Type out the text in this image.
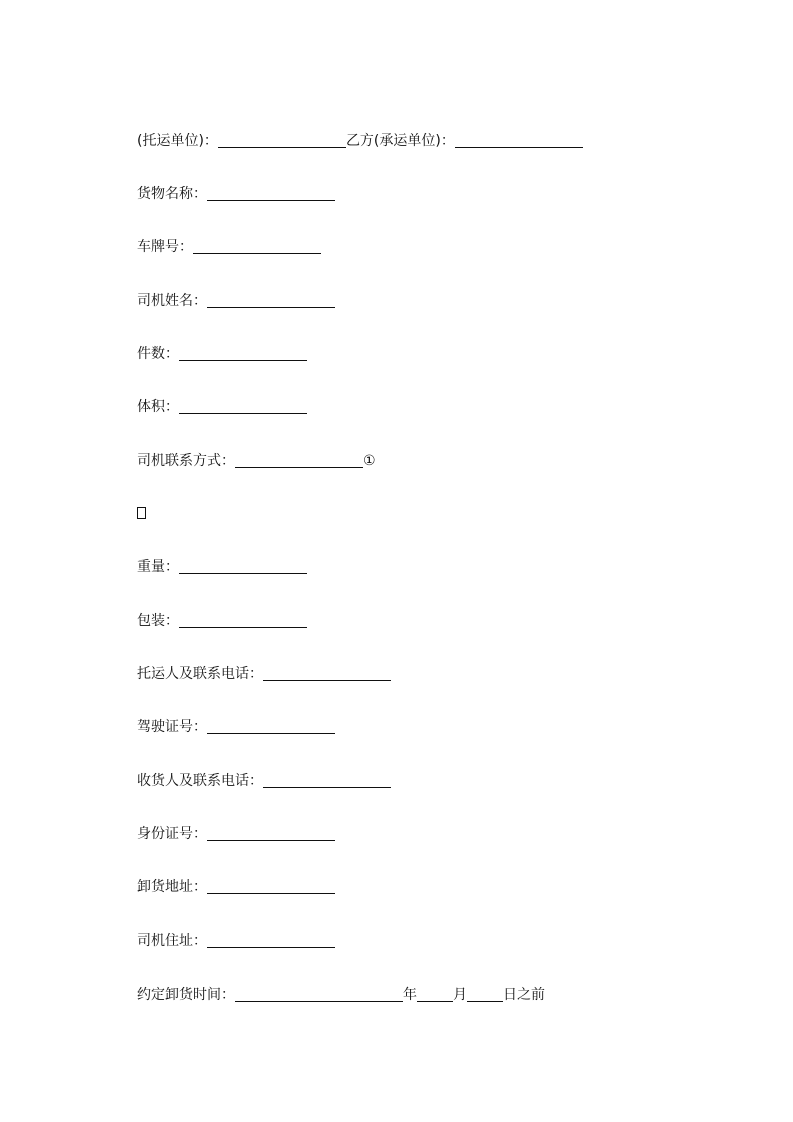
(托运单位)：	乙方(承运单位)：
货物名称：
车牌号：
司机姓名：
件数：
体积：
司机联系方式：	①
重量：
包装：
托运人及联系电话：
驾驶证号：
收货人及联系电话：
身份证号：
卸货地址：
司机住址：
约定卸货时间：	年	月	日之前
